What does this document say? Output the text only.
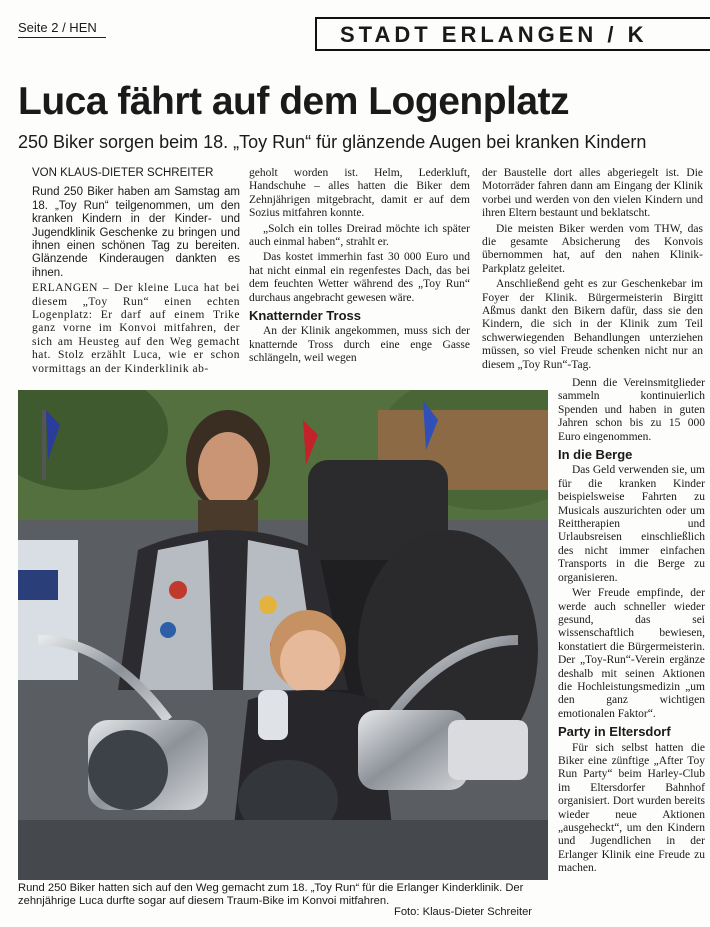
Seite 2 / HEN	STADT ERLANGEN / K
Luca fährt auf dem Logenplatz
250 Biker sorgen beim 18. „Toy Run“ für glänzende Augen bei kranken Kindern
VON KLAUS-DIETER SCHREITER

Rund 250 Biker haben am Samstag am 18. „Toy Run“ teilgenommen, um den kranken Kindern in der Kinder- und Jugendklinik Geschenke zu bringen und ihnen einen schönen Tag zu bereiten. Glänzende Kinderaugen dankten es ihnen.

ERLANGEN – Der kleine Luca hat bei diesem „Toy Run“ einen echten Logenplatz: Er darf auf einem Trike ganz vorne im Konvoi mitfahren, der sich am Heusteg auf den Weg gemacht hat. Stolz erzählt Luca, wie er schon vormittags an der Kinderklinik ab-

geholt worden ist. Helm, Lederkluft, Handschuhe – alles hatten die Biker dem Zehnjährigen mitgebracht, damit er auf dem Sozius mitfahren konnte.

„Solch ein tolles Dreirad möchte ich später auch einmal haben“, strahlt er.

Das kostet immerhin fast 30 000 Euro und hat nicht einmal ein regenfestes Dach, das bei dem feuchten Wetter während des „Toy Run“ durchaus angebracht gewesen wäre.

Knatternder Tross

An der Klinik angekommen, muss sich der knatternde Tross durch eine enge Gasse schlängeln, weil wegen

der Baustelle dort alles abgeriegelt ist. Die Motorräder fahren dann am Eingang der Klinik vorbei und werden von den vielen Kindern und ihren Eltern bestaunt und beklatscht.

Die meisten Biker werden vom THW, das die gesamte Absicherung des Konvois übernommen hat, auf den nahen Klinik-Parkplatz geleitet.

Anschließend geht es zur Geschenkebar im Foyer der Klinik. Bürgermeisterin Birgitt Aßmus dankt den Bikern dafür, dass sie den Kindern, die sich in der Klinik zum Teil schwerwiegenden Behandlungen unterziehen müssen, so viel Freude schenken nicht nur an diesem „Toy Run“-Tag.

Denn die Vereinsmitglieder sammeln kontinuierlich Spenden und haben in guten Jahren schon bis zu 15 000 Euro eingenommen.

In die Berge

Das Geld verwenden sie, um für die kranken Kinder beispielsweise Fahrten zu Musicals auszurichten oder um Reittherapien und Urlaubsreisen einschließlich des nicht immer einfachen Transports in die Berge zu organisieren.

Wer Freude empfinde, der werde auch schneller wieder gesund, das sei wissenschaftlich bewiesen, konstatiert die Bürgermeisterin. Der „Toy-Run“-Verein ergänze deshalb mit seinen Aktionen die Hochleistungsmedizin „um den ganz wichtigen emotionalen Faktor“.

Party in Eltersdorf

Für sich selbst hatten die Biker eine zünftige „After Toy Run Party“ beim Harley-Club im Eltersdorfer Bahnhof organisiert. Dort wurden bereits wieder neue Aktionen „ausgeheckt“, um den Kindern und Jugendlichen in der Erlanger Klinik eine Freude zu machen.

Rund 250 Biker hatten sich auf den Weg gemacht zum 18. „Toy Run“ für die Erlanger Kinderklinik. Der zehnjährige Luca durfte sogar auf diesem Traum-Bike im Konvoi mitfahren.
Foto: Klaus-Dieter Schreiter
